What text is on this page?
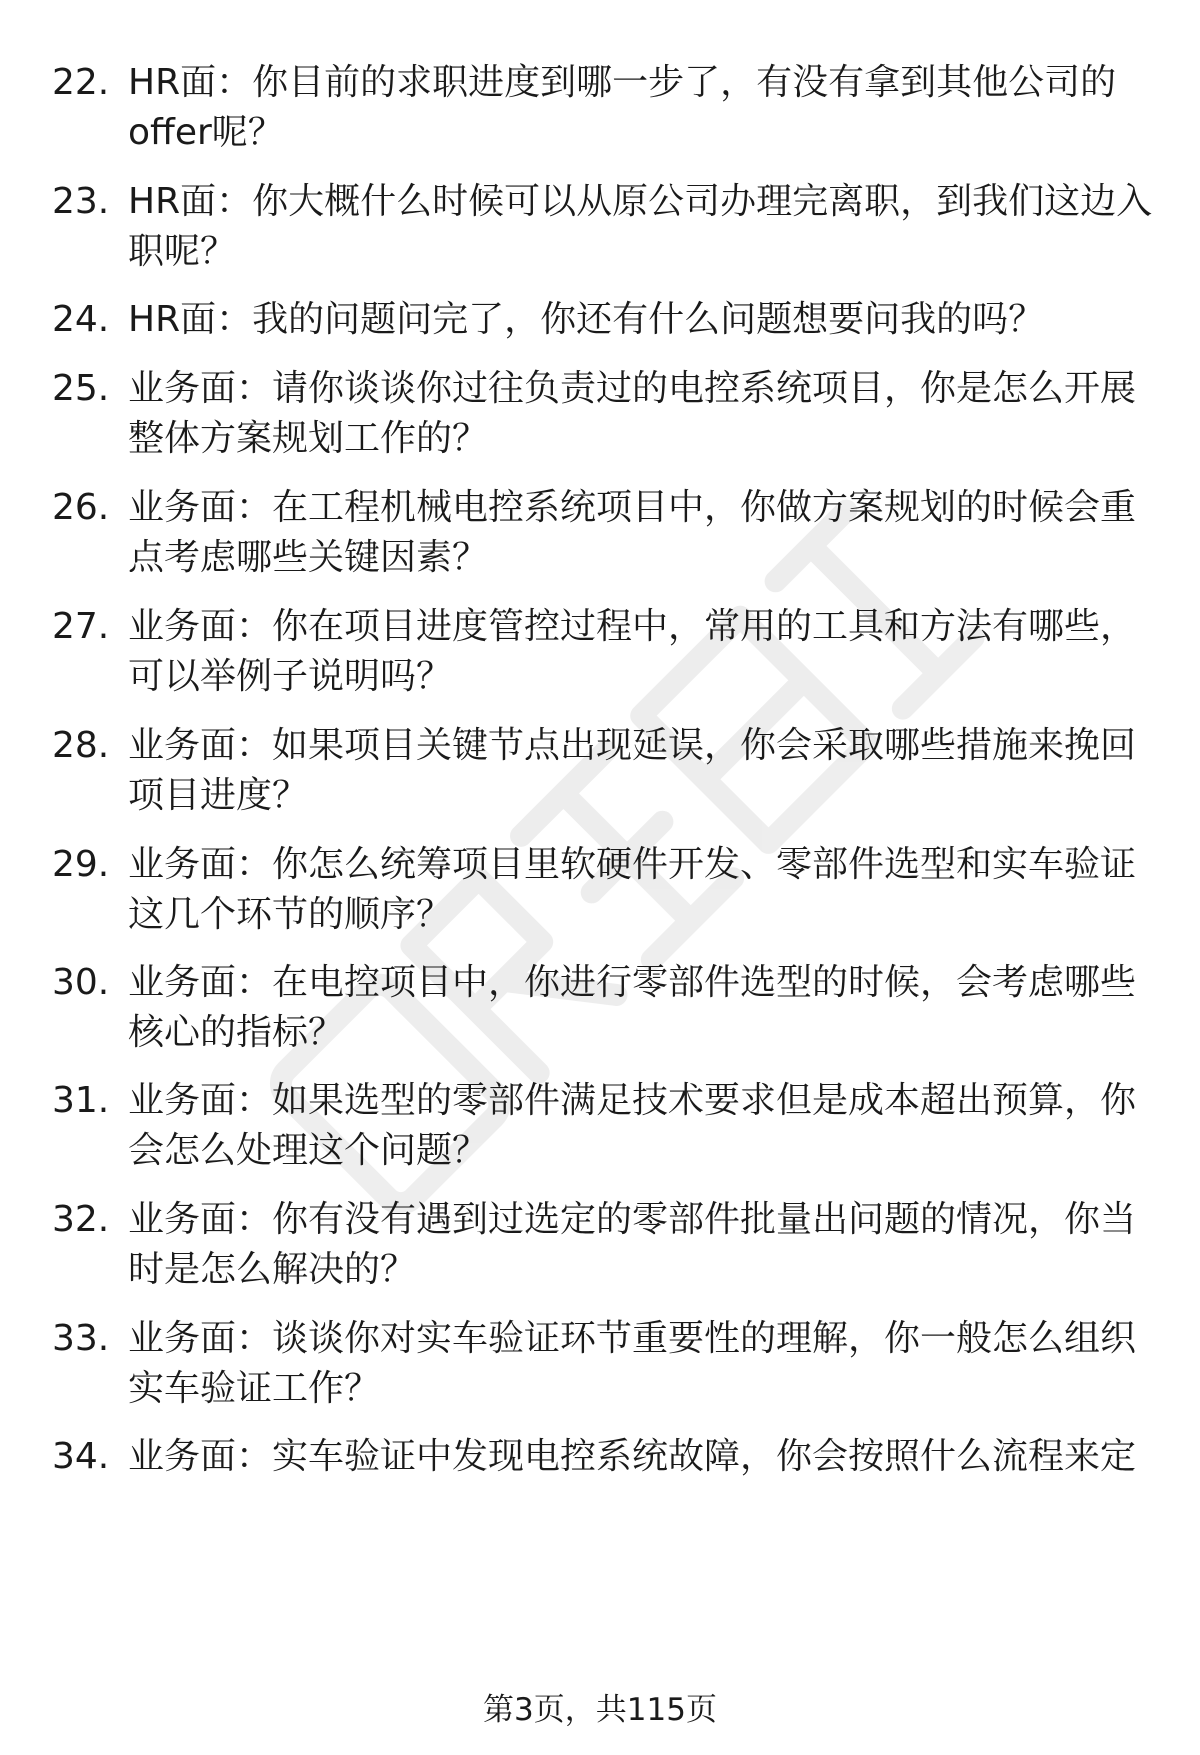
22. HR面：你目前的求职进度到哪一步了，有没有拿到其他公司的offer呢？
23. HR面：你大概什么时候可以从原公司办理完离职，到我们这边入职呢？
24. HR面：我的问题问完了，你还有什么问题想要问我的吗？
25. 业务面：请你谈谈你过往负责过的电控系统项目，你是怎么开展整体方案规划工作的？
26. 业务面：在工程机械电控系统项目中，你做方案规划的时候会重点考虑哪些关键因素？
27. 业务面：你在项目进度管控过程中，常用的工具和方法有哪些，可以举例子说明吗？
28. 业务面：如果项目关键节点出现延误，你会采取哪些措施来挽回项目进度？
29. 业务面：你怎么统筹项目里软硬件开发、零部件选型和实车验证这几个环节的顺序？
30. 业务面：在电控项目中，你进行零部件选型的时候，会考虑哪些核心的指标？
31. 业务面：如果选型的零部件满足技术要求但是成本超出预算，你会怎么处理这个问题？
32. 业务面：你有没有遇到过选定的零部件批量出问题的情况，你当时是怎么解决的？
33. 业务面：谈谈你对实车验证环节重要性的理解，你一般怎么组织实车验证工作？
34. 业务面：实车验证中发现电控系统故障，你会按照什么流程来定
第3页，共115页
